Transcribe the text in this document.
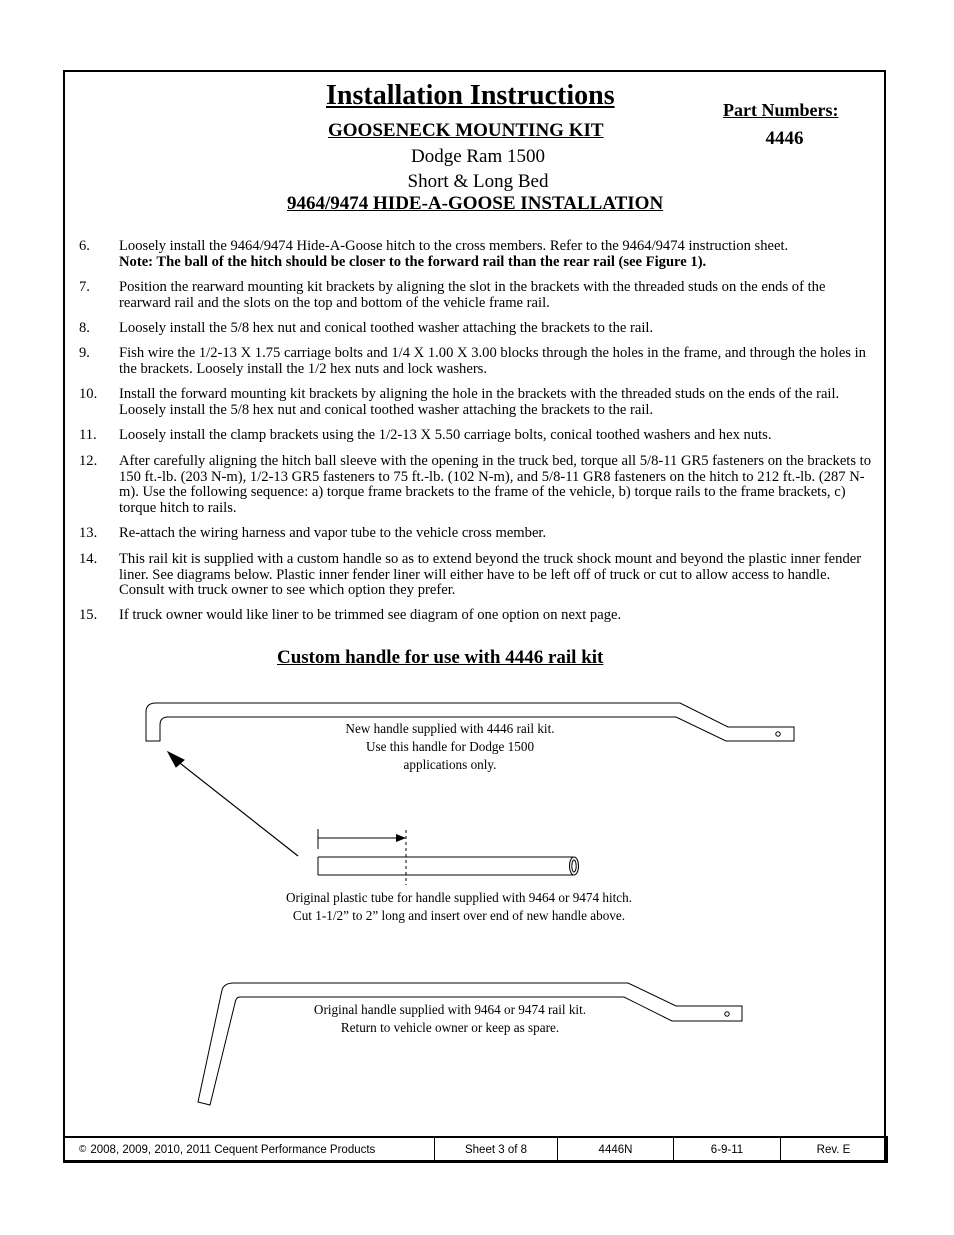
Installation Instructions
GOOSENECK MOUNTING KIT
Dodge Ram 1500
Short & Long Bed
9464/9474 HIDE-A-GOOSE INSTALLATION
Part Numbers:
4446
6. Loosely install the 9464/9474 Hide-A-Goose hitch to the cross members. Refer to the 9464/9474 instruction sheet.
Note: The ball of the hitch should be closer to the forward rail than the rear rail (see Figure 1).
7. Position the rearward mounting kit brackets by aligning the slot in the brackets with the threaded studs on the ends of the rearward rail and the slots on the top and bottom of the vehicle frame rail.
8. Loosely install the 5/8 hex nut and conical toothed washer attaching the brackets to the rail.
9. Fish wire the 1/2-13 X 1.75 carriage bolts and 1/4 X 1.00 X 3.00 blocks through the holes in the frame, and through the holes in the brackets. Loosely install the 1/2 hex nuts and lock washers.
10. Install the forward mounting kit brackets by aligning the hole in the brackets with the threaded studs on the ends of the rail. Loosely install the 5/8 hex nut and conical toothed washer attaching the brackets to the rail.
11. Loosely install the clamp brackets using the 1/2-13 X 5.50 carriage bolts, conical toothed washers and hex nuts.
12. After carefully aligning the hitch ball sleeve with the opening in the truck bed, torque all 5/8-11 GR5 fasteners on the brackets to 150 ft.-lb. (203 N-m), 1/2-13 GR5 fasteners to 75 ft.-lb. (102 N-m), and 5/8-11 GR8 fasteners on the hitch to 212 ft.-lb. (287 N-m). Use the following sequence: a) torque frame brackets to the frame of the vehicle, b) torque rails to the frame brackets, c) torque hitch to rails.
13. Re-attach the wiring harness and vapor tube to the vehicle cross member.
14. This rail kit is supplied with a custom handle so as to extend beyond the truck shock mount and beyond the plastic inner fender liner. See diagrams below. Plastic inner fender liner will either have to be left off of truck or cut to allow access to handle. Consult with truck owner to see which option they prefer.
15. If truck owner would like liner to be trimmed see diagram of one option on next page.
Custom handle for use with 4446 rail kit
New handle supplied with 4446 rail kit.
Use this handle for Dodge 1500
applications only.
Original plastic tube for handle supplied with 9464 or 9474 hitch.
Cut 1-1/2” to 2” long and insert over end of new handle above.
Original handle supplied with 9464 or 9474 rail kit.
Return to vehicle owner or keep as spare.
© 2008, 2009, 2010, 2011 Cequent Performance Products	Sheet 3 of 8	4446N	6-9-11	Rev. E
